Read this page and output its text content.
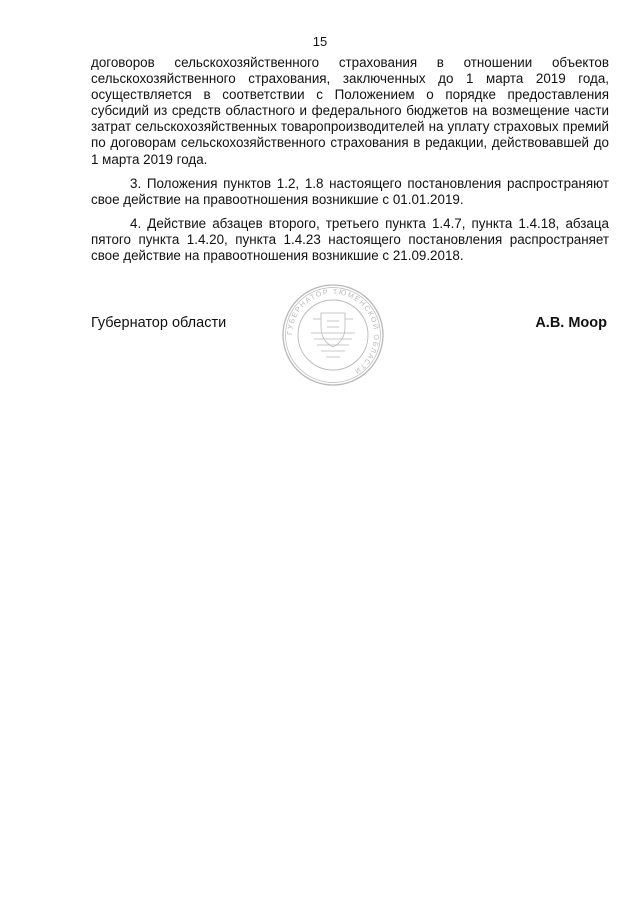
15

договоров сельскохозяйственного страхования в отношении объектов сельскохозяйственного страхования, заключенных до 1 марта 2019 года, осуществляется в соответствии с Положением о порядке предоставления субсидий из средств областного и федерального бюджетов на возмещение части затрат сельскохозяйственных товаропроизводителей на уплату страховых премий по договорам сельскохозяйственного страхования в редакции, действовавшей до 1 марта 2019 года.

3. Положения пунктов 1.2, 1.8 настоящего постановления распространяют свое действие на правоотношения возникшие с 01.01.2019.

4. Действие абзацев второго, третьего пункта 1.4.7, пункта 1.4.18, абзаца пятого пункта 1.4.20, пункта 1.4.23 настоящего постановления распространяет свое действие на правоотношения возникшие с 21.09.2018.

Губернатор области
ГУБЕРНАТОР ТЮМЕНСКОЙ ОБЛАСТИ
А.В. Моор
